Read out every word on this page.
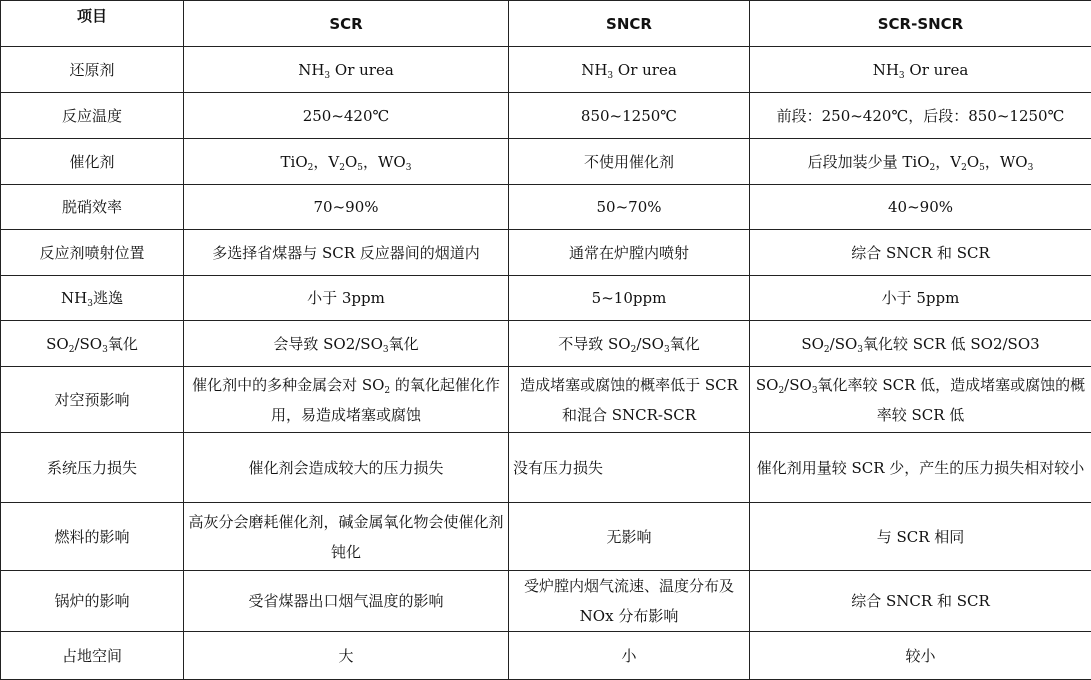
项目	SCR	SNCR	SCR-SNCR
还原剂	$NH_3$ Or urea	$NH_3$ Or urea	$NH_3$ Or urea
反应温度	250~420℃	850~1250℃	前段：250~420℃，后段：850~1250℃
催化剂	TiO$_2$，$V_2O_5$，$WO_3$	不使用催化剂	后段加装少量 TiO$_2$，$V_2O_5$，$WO_3$
脱硝效率	70~90%	50~70%	40~90%
反应剂喷射位置	多选择省煤器与 SCR 反应器间的烟道内	通常在炉膛内喷射	综合 SNCR 和 SCR
$NH_3$逃逸	小于 3ppm	5~10ppm	小于 5ppm
$SO_2/SO_3$氧化	会导致 $SO2/SO_3$氧化	不导致 $SO_2/SO_3$氧化	$SO_2/SO_3$氧化较 SCR 低 SO2/SO3
对空预影响	催化剂中的多种金属会对 $SO_2$ 的氧化起催化作用，易造成堵塞或腐蚀	造成堵塞或腐蚀的概率低于 SCR 和混合 SNCR-SCR	$SO_2/SO_3$氧化率较 SCR 低，造成堵塞或腐蚀的概率较 SCR 低
系统压力损失	催化剂会造成较大的压力损失	没有压力损失	催化剂用量较 SCR 少，产生的压力损失相对较小
燃料的影响	高灰分会磨耗催化剂，碱金属氧化物会使催化剂钝化	无影响	与 SCR 相同
锅炉的影响	受省煤器出口烟气温度的影响	受炉膛内烟气流速、温度分布及 NOx 分布影响	综合 SNCR 和 SCR
占地空间	大	小	较小
